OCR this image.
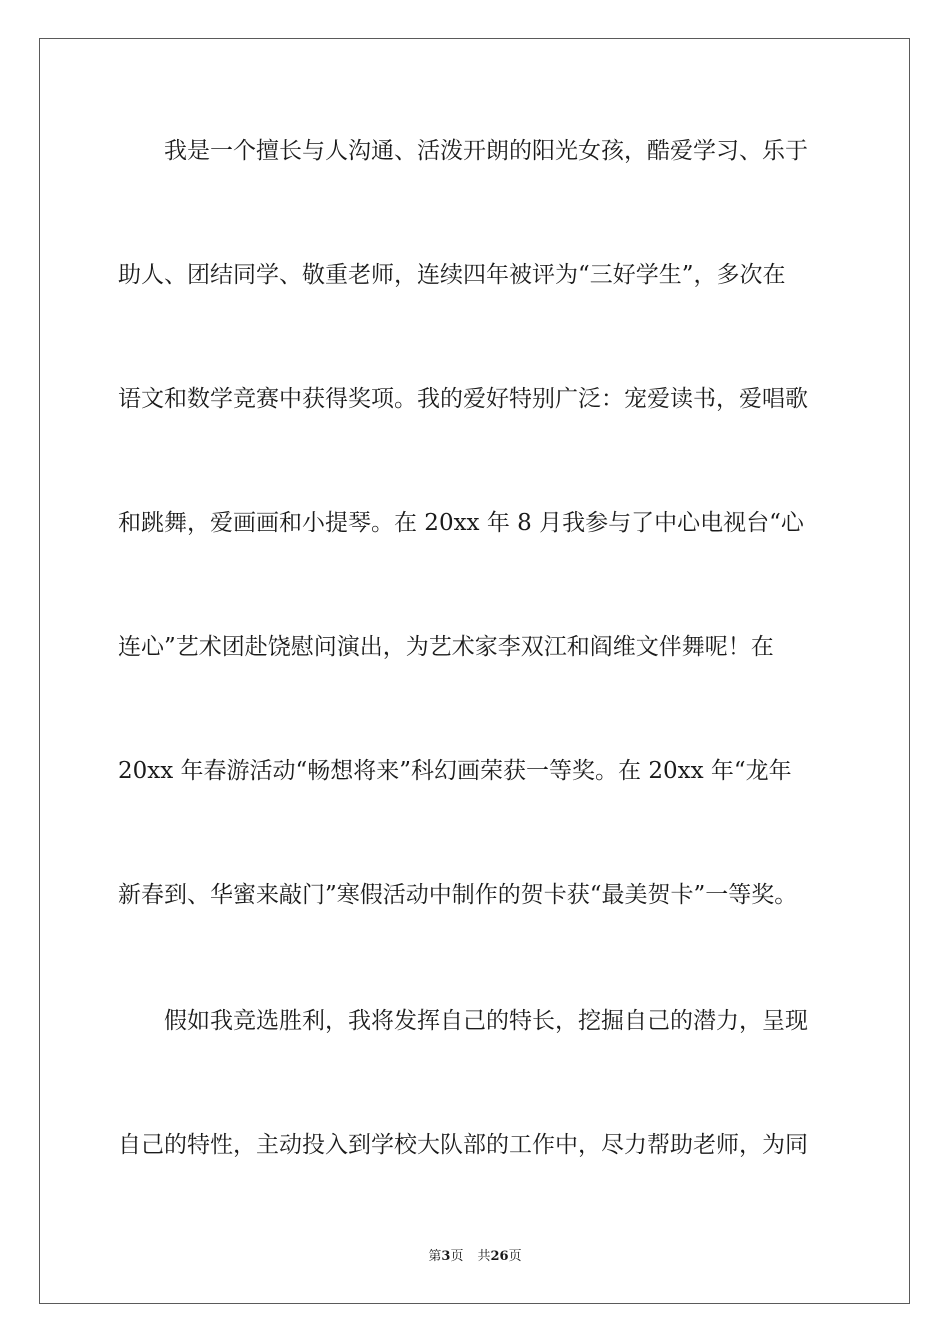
我是一个擅长与人沟通、活泼开朗的阳光女孩，酷爱学习、乐于

助人、团结同学、敬重老师，连续四年被评为“三好学生”，多次在

语文和数学竞赛中获得奖项。我的爱好特别广泛：宠爱读书，爱唱歌

和跳舞，爱画画和小提琴。在 20xx 年 8 月我参与了中心电视台“心

连心”艺术团赴饶慰问演出，为艺术家李双江和阎维文伴舞呢！在

20xx 年春游活动“畅想将来”科幻画荣获一等奖。在 20xx 年“龙年

新春到、华蜜来敲门”寒假活动中制作的贺卡获“最美贺卡”一等奖。

假如我竞选胜利，我将发挥自己的特长，挖掘自己的潜力，呈现

自己的特性，主动投入到学校大队部的工作中，尽力帮助老师，为同

第3页 共26页
